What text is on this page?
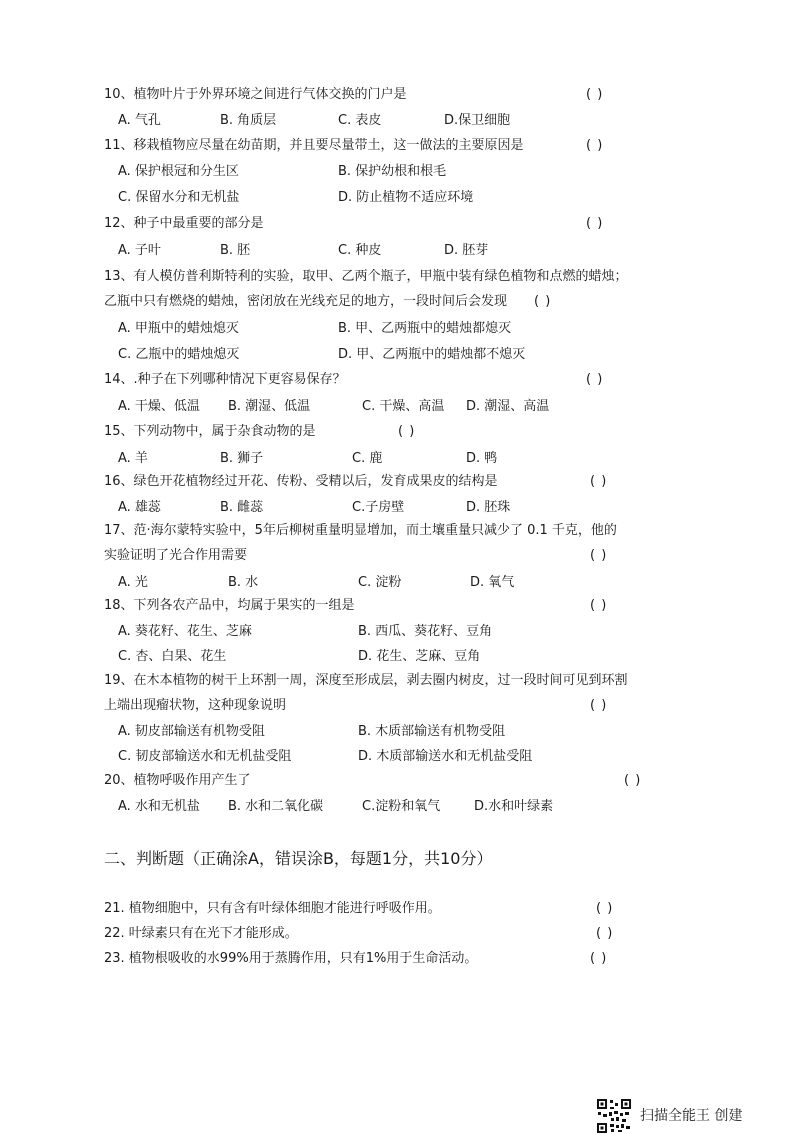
10、植物叶片于外界环境之间进行气体交换的门户是	( )
A. 气孔	B. 角质层	C. 表皮	D.保卫细胞
11、移栽植物应尽量在幼苗期，并且要尽量带土，这一做法的主要原因是	( )
A. 保护根冠和分生区	B. 保护幼根和根毛
C. 保留水分和无机盐	D. 防止植物不适应环境
12、种子中最重要的部分是	( )
A. 子叶	B. 胚	C. 种皮	D. 胚芽
13、有人模仿普利斯特利的实验，取甲、乙两个瓶子，甲瓶中装有绿色植物和点燃的蜡烛；
乙瓶中只有燃烧的蜡烛，密闭放在光线充足的地方，一段时间后会发现 ( )
A. 甲瓶中的蜡烛熄灭	B. 甲、乙两瓶中的蜡烛都熄灭
C. 乙瓶中的蜡烛熄灭	D. 甲、乙两瓶中的蜡烛都不熄灭
14、.种子在下列哪种情况下更容易保存？	( )
A. 干燥、低温 B. 潮湿、低温	C. 干燥、高温 D. 潮湿、高温
15、下列动物中，属于杂食动物的是	( )
A. 羊	B. 狮子	C. 鹿	D. 鸭
16、绿色开花植物经过开花、传粉、受精以后，发育成果皮的结构是	( )
A. 雄蕊	B. 雌蕊	C.子房壁	D. 胚珠
17、范·海尔蒙特实验中，5年后柳树重量明显增加，而土壤重量只减少了 0.1 千克，他的
实验证明了光合作用需要	( )
A. 光	B. 水	C. 淀粉	D. 氧气
18、下列各农产品中，均属于果实的一组是	( )
A. 葵花籽、花生、芝麻	B. 西瓜、葵花籽、豆角
C. 杏、白果、花生	D. 花生、芝麻、豆角
19、在木本植物的树干上环割一周，深度至形成层，剥去圈内树皮，过一段时间可见到环割
上端出现瘤状物，这种现象说明	( )
A. 韧皮部输送有机物受阻	B. 木质部输送有机物受阻
C. 韧皮部输送水和无机盐受阻	D. 木质部输送水和无机盐受阻
20、植物呼吸作用产生了	( )
A. 水和无机盐 B. 水和二氧化碳	C.淀粉和氧气	D.水和叶绿素
二、判断题（正确涂A，错误涂B，每题1分，共10分）
21. 植物细胞中，只有含有叶绿体细胞才能进行呼吸作用。	( )
22. 叶绿素只有在光下才能形成。	( )
23. 植物根吸收的水99%用于蒸腾作用，只有1%用于生命活动。	( )
扫描全能王 创建
